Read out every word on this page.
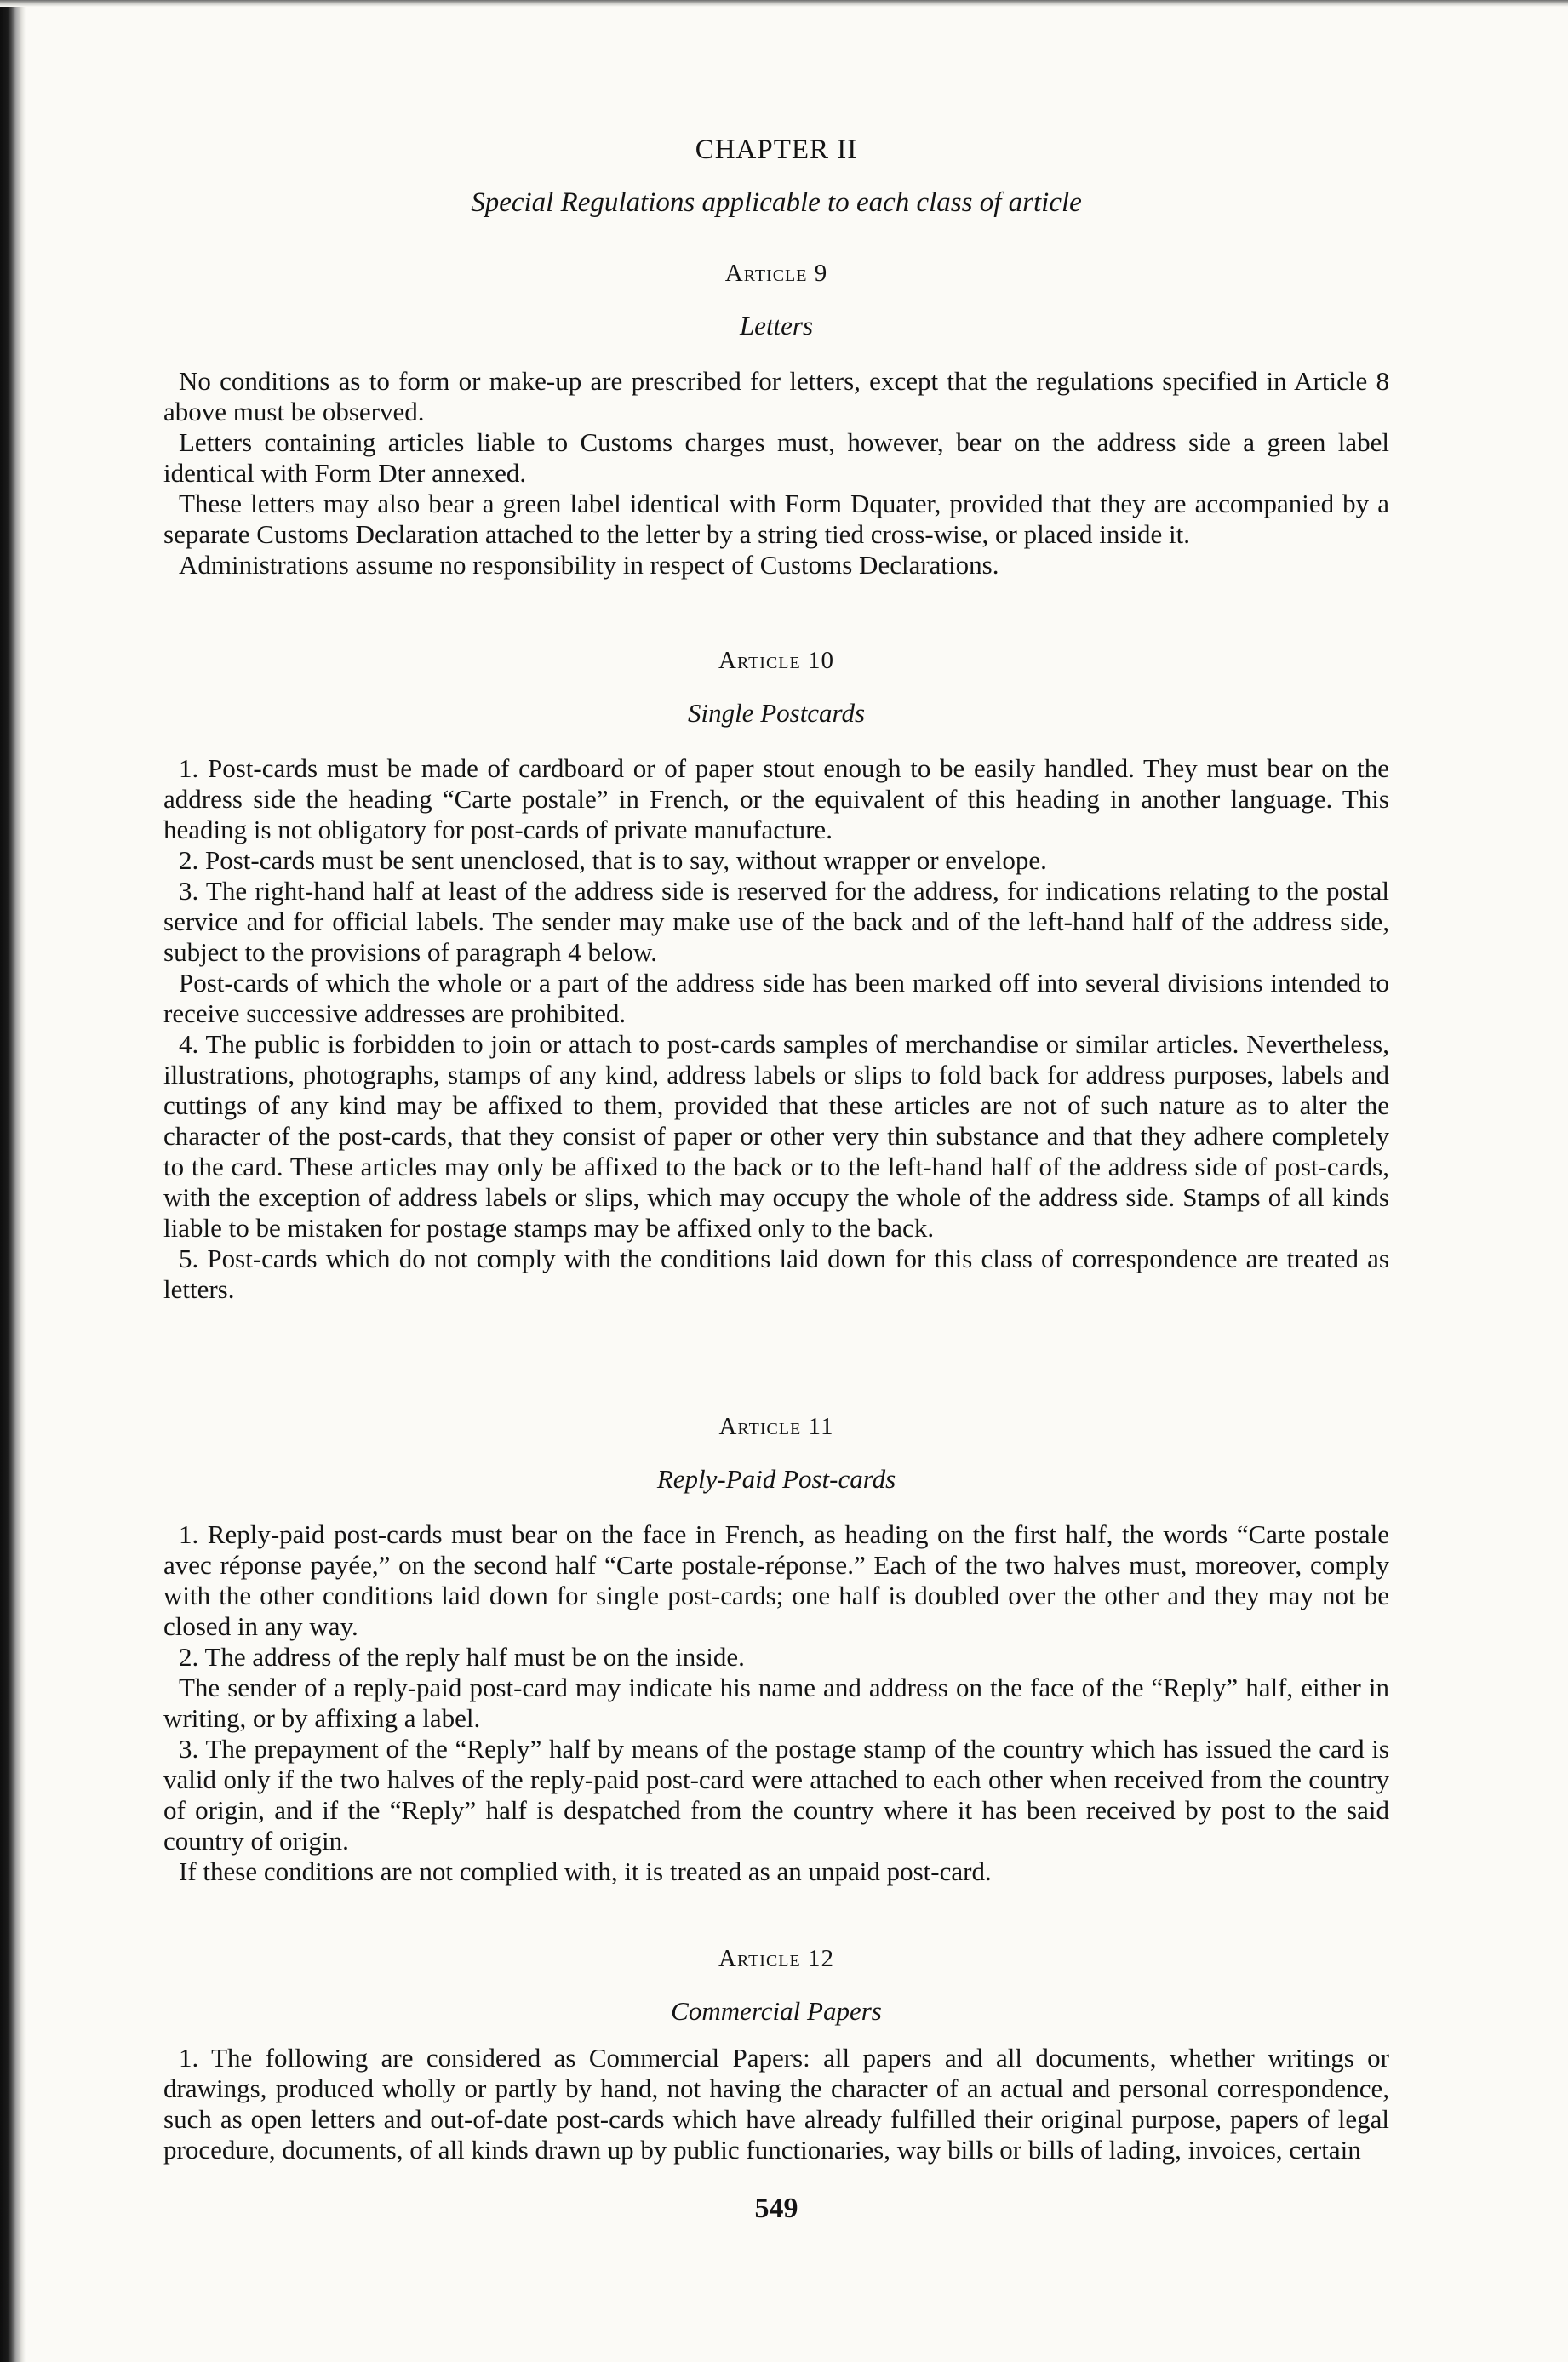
CHAPTER II
Special Regulations applicable to each class of article
Article 9
Letters

No conditions as to form or make-up are prescribed for letters, except that the regulations specified in Article 8 above must be observed.

Letters containing articles liable to Customs charges must, however, bear on the address side a green label identical with Form Dter annexed.

These letters may also bear a green label identical with Form Dquater, provided that they are accompanied by a separate Customs Declaration attached to the letter by a string tied cross-wise, or placed inside it.

Administrations assume no responsibility in respect of Customs Declarations.

Article 10
Single Postcards

1. Post-cards must be made of cardboard or of paper stout enough to be easily handled. They must bear on the address side the heading “Carte postale” in French, or the equivalent of this heading in another language. This heading is not obligatory for post-cards of private manufacture.

2. Post-cards must be sent unenclosed, that is to say, without wrapper or envelope.

3. The right-hand half at least of the address side is reserved for the address, for indications relating to the postal service and for official labels. The sender may make use of the back and of the left-hand half of the address side, subject to the provisions of paragraph 4 below.

Post-cards of which the whole or a part of the address side has been marked off into several divisions intended to receive successive addresses are prohibited.

4. The public is forbidden to join or attach to post-cards samples of merchandise or similar articles. Nevertheless, illustrations, photographs, stamps of any kind, address labels or slips to fold back for address purposes, labels and cuttings of any kind may be affixed to them, provided that these articles are not of such nature as to alter the character of the post-cards, that they consist of paper or other very thin substance and that they adhere completely to the card. These articles may only be affixed to the back or to the left-hand half of the address side of post-cards, with the exception of address labels or slips, which may occupy the whole of the address side. Stamps of all kinds liable to be mistaken for postage stamps may be affixed only to the back.

5. Post-cards which do not comply with the conditions laid down for this class of correspondence are treated as letters.

Article 11
Reply-Paid Post-cards

1. Reply-paid post-cards must bear on the face in French, as heading on the first half, the words “Carte postale avec réponse payée,” on the second half “Carte postale-réponse.” Each of the two halves must, moreover, comply with the other conditions laid down for single post-cards; one half is doubled over the other and they may not be closed in any way.

2. The address of the reply half must be on the inside.

The sender of a reply-paid post-card may indicate his name and address on the face of the “Reply” half, either in writing, or by affixing a label.

3. The prepayment of the “Reply” half by means of the postage stamp of the country which has issued the card is valid only if the two halves of the reply-paid post-card were attached to each other when received from the country of origin, and if the “Reply” half is despatched from the country where it has been received by post to the said country of origin.

If these conditions are not complied with, it is treated as an unpaid post-card.

Article 12
Commercial Papers

1. The following are considered as Commercial Papers: all papers and all documents, whether writings or drawings, produced wholly or partly by hand, not having the character of an actual and personal correspondence, such as open letters and out-of-date post-cards which have already fulfilled their original purpose, papers of legal procedure, documents, of all kinds drawn up by public functionaries, way bills or bills of lading, invoices, certain

549
